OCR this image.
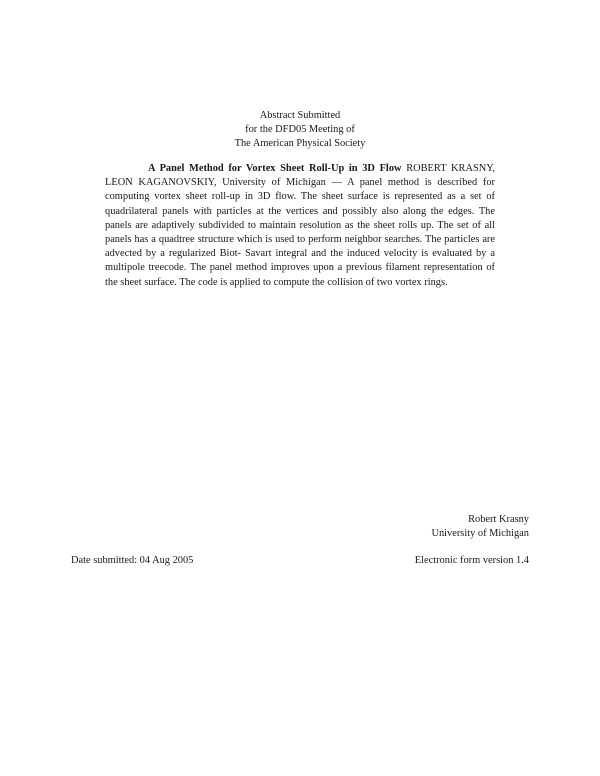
Abstract Submitted
for the DFD05 Meeting of
The American Physical Society
A Panel Method for Vortex Sheet Roll-Up in 3D Flow ROBERT KRASNY, LEON KAGANOVSKIY, University of Michigan — A panel method is described for computing vortex sheet roll-up in 3D flow. The sheet surface is represented as a set of quadrilateral panels with particles at the vertices and possibly also along the edges. The panels are adaptively subdivided to maintain resolution as the sheet rolls up. The set of all panels has a quadtree structure which is used to perform neighbor searches. The particles are advected by a regularized Biot- Savart integral and the induced velocity is evaluated by a multipole treecode. The panel method improves upon a previous filament representation of the sheet surface. The code is applied to compute the collision of two vortex rings.
Robert Krasny
University of Michigan
Date submitted: 04 Aug 2005	Electronic form version 1.4
